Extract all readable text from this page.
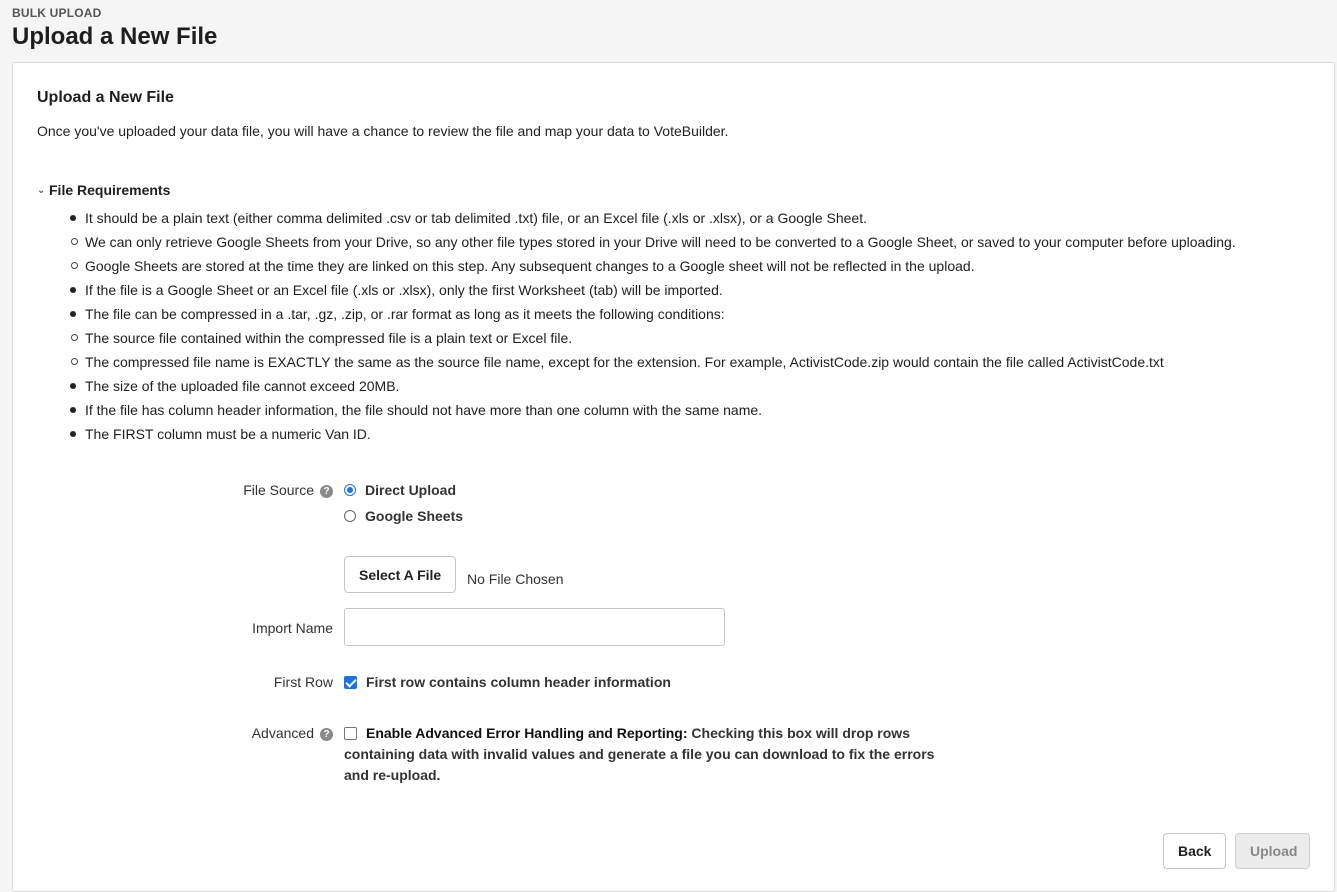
BULK UPLOAD
Upload a New File
Upload a New File
Once you've uploaded your data file, you will have a chance to review the file and map your data to VoteBuilder.
⌄ File Requirements
It should be a plain text (either comma delimited .csv or tab delimited .txt) file, or an Excel file (.xls or .xlsx), or a Google Sheet.
We can only retrieve Google Sheets from your Drive, so any other file types stored in your Drive will need to be converted to a Google Sheet, or saved to your computer before uploading.
Google Sheets are stored at the time they are linked on this step. Any subsequent changes to a Google sheet will not be reflected in the upload.
If the file is a Google Sheet or an Excel file (.xls or .xlsx), only the first Worksheet (tab) will be imported.
The file can be compressed in a .tar, .gz, .zip, or .rar format as long as it meets the following conditions:
The source file contained within the compressed file is a plain text or Excel file.
The compressed file name is EXACTLY the same as the source file name, except for the extension. For example, ActivistCode.zip would contain the file called ActivistCode.txt
The size of the uploaded file cannot exceed 20MB.
If the file has column header information, the file should not have more than one column with the same name.
The FIRST column must be a numeric Van ID.
File Source ?	Direct Upload
Google Sheets
Select A File	No File Chosen
Import Name
First Row First row contains column header information
Advanced ?	Enable Advanced Error Handling and Reporting: Checking this box will drop rows containing data with invalid values and generate a file you can download to fix the errors and re-upload.
Back	Upload
